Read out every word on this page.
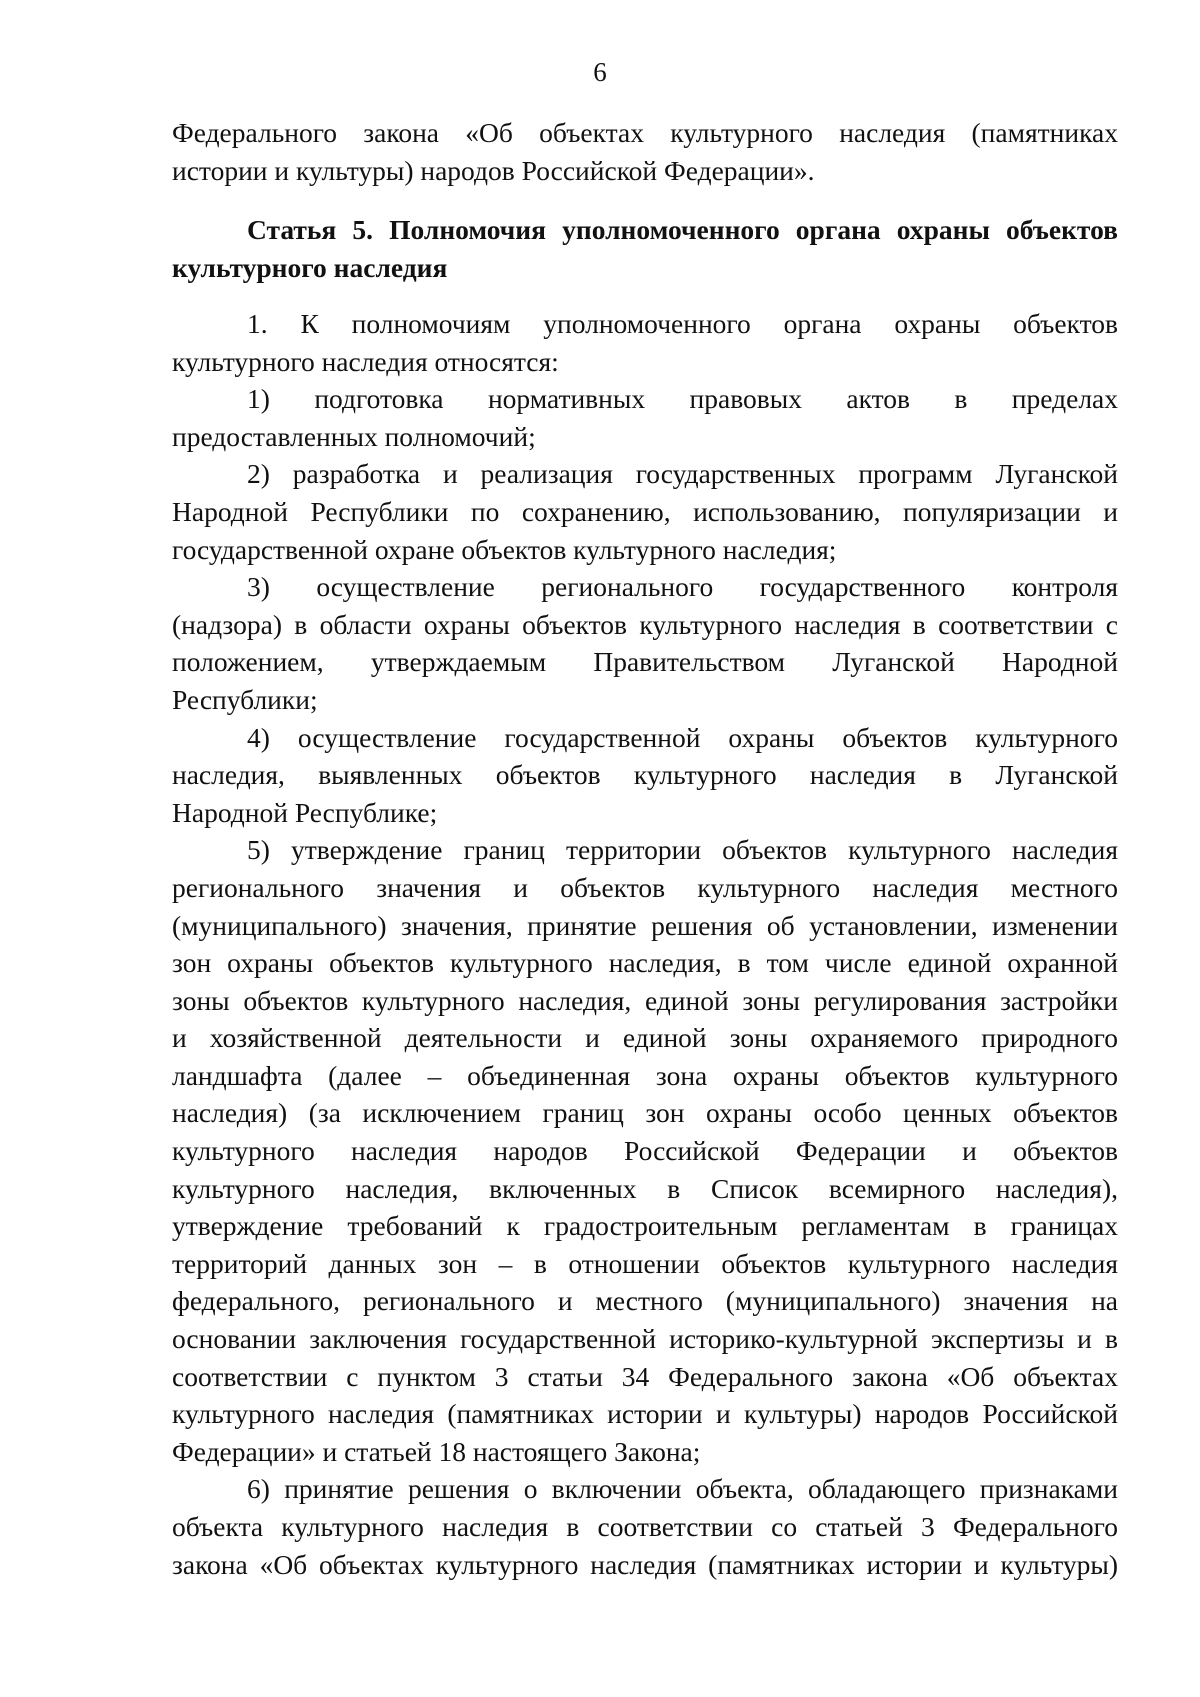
6
Федерального закона «Об объектах культурного наследия (памятниках
истории и культуры) народов Российской Федерации».
Статья 5. Полномочия уполномоченного органа охраны объектов
культурного наследия
1. К полномочиям уполномоченного органа охраны объектов
культурного наследия относятся:
1) подготовка нормативных правовых актов в пределах
предоставленных полномочий;
2) разработка и реализация государственных программ Луганской
Народной Республики по сохранению, использованию, популяризации и
государственной охране объектов культурного наследия;
3) осуществление регионального государственного контроля
(надзора) в области охраны объектов культурного наследия в соответствии с
положением, утверждаемым Правительством Луганской Народной
Республики;
4) осуществление государственной охраны объектов культурного
наследия, выявленных объектов культурного наследия в Луганской
Народной Республике;
5) утверждение границ территории объектов культурного наследия
регионального значения и объектов культурного наследия местного
(муниципального) значения, принятие решения об установлении, изменении
зон охраны объектов культурного наследия, в том числе единой охранной
зоны объектов культурного наследия, единой зоны регулирования застройки
и хозяйственной деятельности и единой зоны охраняемого природного
ландшафта (далее – объединенная зона охраны объектов культурного
наследия) (за исключением границ зон охраны особо ценных объектов
культурного наследия народов Российской Федерации и объектов
культурного наследия, включенных в Список всемирного наследия),
утверждение требований к градостроительным регламентам в границах
территорий данных зон – в отношении объектов культурного наследия
федерального, регионального и местного (муниципального) значения на
основании заключения государственной историко-культурной экспертизы и в
соответствии с пунктом 3 статьи 34 Федерального закона «Об объектах
культурного наследия (памятниках истории и культуры) народов Российской
Федерации» и статьей 18 настоящего Закона;
6) принятие решения о включении объекта, обладающего признаками
объекта культурного наследия в соответствии со статьей 3 Федерального
закона «Об объектах культурного наследия (памятниках истории и культуры)
